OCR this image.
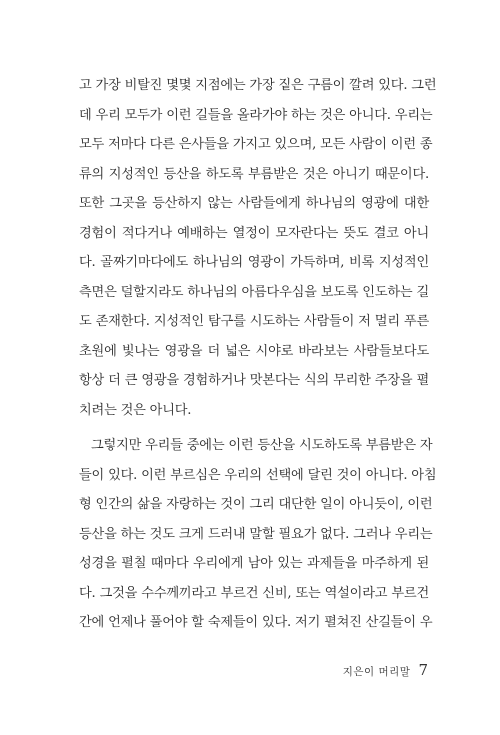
고 가장 비탈진 몇몇 지점에는 가장 짙은 구름이 깔려 있다. 그런
데 우리 모두가 이런 길들을 올라가야 하는 것은 아니다. 우리는
모두 저마다 다른 은사들을 가지고 있으며, 모든 사람이 이런 종
류의 지성적인 등산을 하도록 부름받은 것은 아니기 때문이다.
또한 그곳을 등산하지 않는 사람들에게 하나님의 영광에 대한
경험이 적다거나 예배하는 열정이 모자란다는 뜻도 결코 아니
다. 골짜기마다에도 하나님의 영광이 가득하며, 비록 지성적인
측면은 덜할지라도 하나님의 아름다우심을 보도록 인도하는 길
도 존재한다. 지성적인 탐구를 시도하는 사람들이 저 멀리 푸른
초원에 빛나는 영광을 더 넓은 시야로 바라보는 사람들보다도
항상 더 큰 영광을 경험하거나 맛본다는 식의 무리한 주장을 펼
치려는 것은 아니다.
그렇지만 우리들 중에는 이런 등산을 시도하도록 부름받은 자
들이 있다. 이런 부르심은 우리의 선택에 달린 것이 아니다. 아침
형 인간의 삶을 자랑하는 것이 그리 대단한 일이 아니듯이, 이런
등산을 하는 것도 크게 드러내 말할 필요가 없다. 그러나 우리는
성경을 펼칠 때마다 우리에게 남아 있는 과제들을 마주하게 된
다. 그것을 수수께끼라고 부르건 신비, 또는 역설이라고 부르건
간에 언제나 풀어야 할 숙제들이 있다. 저기 펼쳐진 산길들이 우
지은이 머리말 7
